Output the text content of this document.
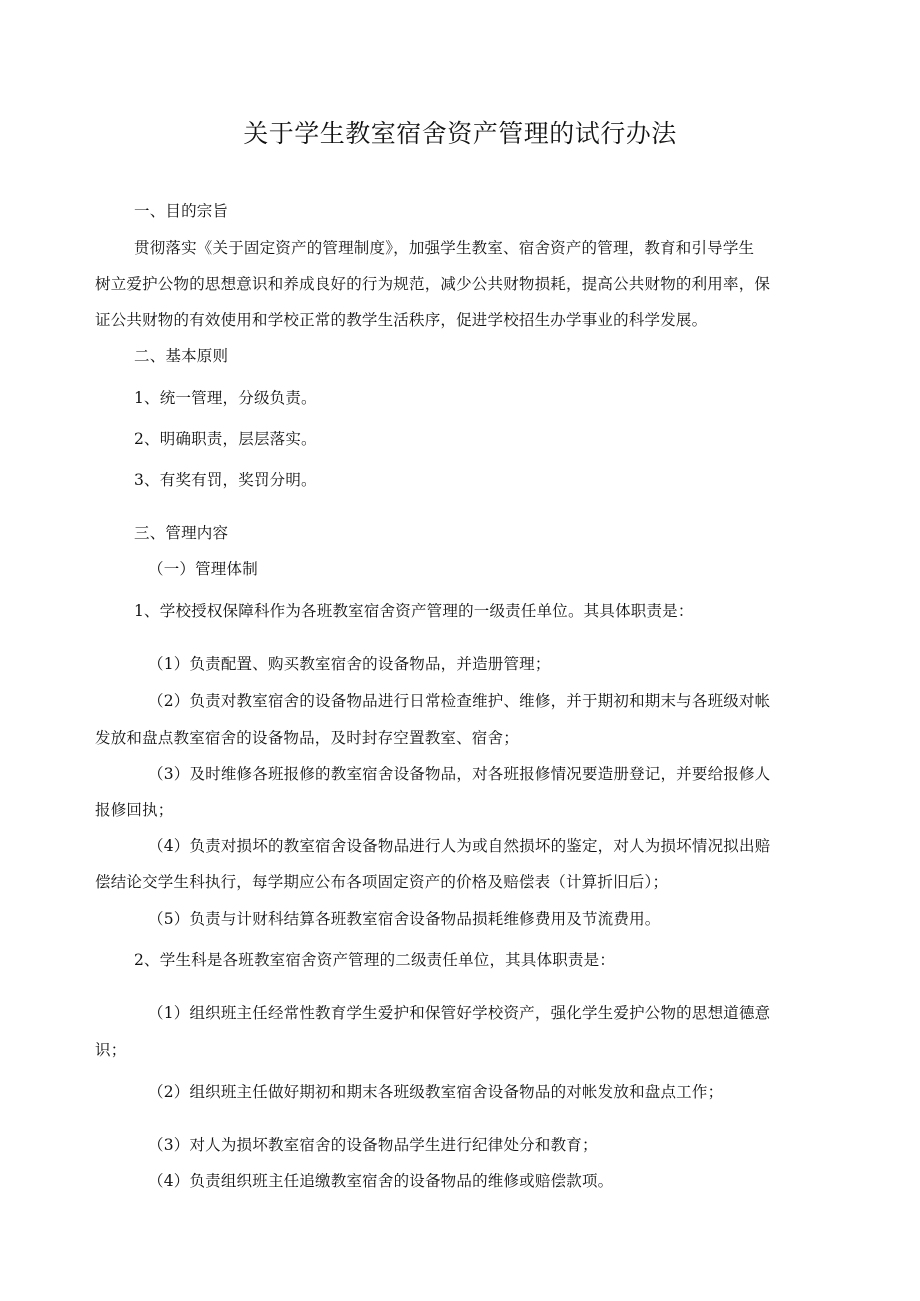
关于学生教室宿舍资产管理的试行办法
一、目的宗旨
贯彻落实《关于固定资产的管理制度》，加强学生教室、宿舍资产的管理，教育和引导学生
树立爱护公物的思想意识和养成良好的行为规范，减少公共财物损耗，提高公共财物的利用率，保
证公共财物的有效使用和学校正常的教学生活秩序，促进学校招生办学事业的科学发展。
二、基本原则
1、统一管理，分级负责。
2、明确职责，层层落实。
3、有奖有罚，奖罚分明。
三、管理内容
（一）管理体制
1、学校授权保障科作为各班教室宿舍资产管理的一级责任单位。其具体职责是：
（1）负责配置、购买教室宿舍的设备物品，并造册管理；
（2）负责对教室宿舍的设备物品进行日常检查维护、维修，并于期初和期末与各班级对帐
发放和盘点教室宿舍的设备物品，及时封存空置教室、宿舍；
（3）及时维修各班报修的教室宿舍设备物品，对各班报修情况要造册登记，并要给报修人
报修回执；
（4）负责对损坏的教室宿舍设备物品进行人为或自然损坏的鉴定，对人为损坏情况拟出赔
偿结论交学生科执行，每学期应公布各项固定资产的价格及赔偿表（计算折旧后）；
（5）负责与计财科结算各班教室宿舍设备物品损耗维修费用及节流费用。
2、学生科是各班教室宿舍资产管理的二级责任单位，其具体职责是：
（1）组织班主任经常性教育学生爱护和保管好学校资产，强化学生爱护公物的思想道德意
识；
（2）组织班主任做好期初和期末各班级教室宿舍设备物品的对帐发放和盘点工作；
（3）对人为损坏教室宿舍的设备物品学生进行纪律处分和教育；
（4）负责组织班主任追缴教室宿舍的设备物品的维修或赔偿款项。
